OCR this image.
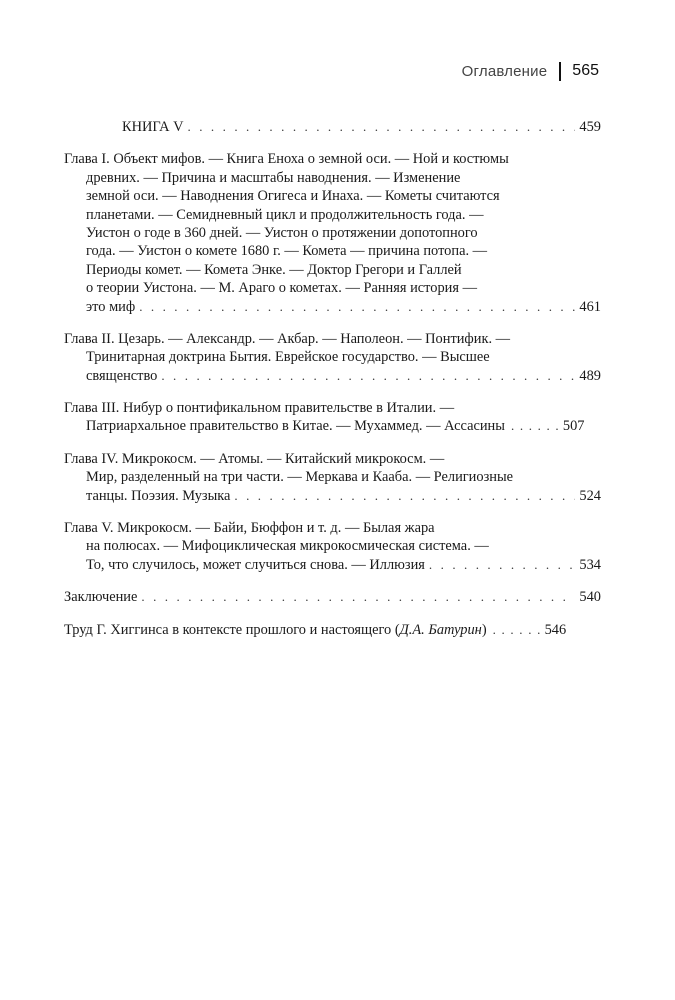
Оглавление 565
КНИГА V . . .	459
Глава I. Объект мифов. — Книга Еноха о земной оси. — Ной и костюмы
древних. — Причина и масштабы наводнения. — Изменение
земной оси. — Наводнения Огигеса и Инаха. — Кометы считаются
планетами. — Семидневный цикл и продолжительность года. —
Уистон о годе в 360 дней. — Уистон о протяжении допотопного
года. — Уистон о комете 1680 г. — Комета — причина потопа. —
Периоды комет. — Комета Энке. — Доктор Грегори и Галлей
о теории Уистона. — М. Араго о кометах. — Ранняя история —
это миф . . .	461
Глава II. Цезарь. — Александр. — Акбар. — Наполеон. — Понтифик. —
Тринитарная доктрина Бытия. Еврейское государство. — Высшее
священство . . .	489
Глава III. Нибур о понтификальном правительстве в Италии. —
Патриархальное правительство в Китае. — Мухаммед. — Ассасины . . .	507
Глава IV. Микрокосм. — Атомы. — Китайский микрокосм. —
Мир, разделенный на три части. — Меркава и Кааба. — Религиозные
танцы. Поэзия. Музыка . . .	524
Глава V. Микрокосм. — Байи, Бюффон и т. д. — Былая жара
на полюсах. — Мифоциклическая микрокосмическая система. —
То, что случилось, может случиться снова. — Иллюзия . . .	534
Заключение . . .	540
Труд Г. Хиггинса в контексте прошлого и настоящего (Д.А. Батурин) . . .	546
